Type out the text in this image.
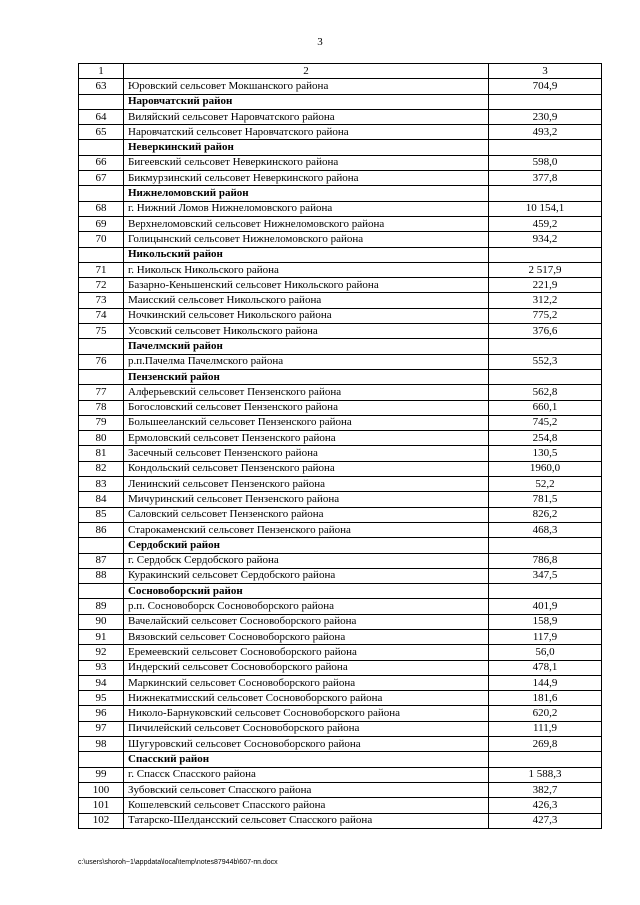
3
1	2	3
63	Юровский сельсовет Мокшанского района	704,9
	Наровчатский район	
64	Виляйский сельсовет Наровчатского района	230,9
65	Наровчатский сельсовет Наровчатского района	493,2
	Неверкинский район	
66	Бигеевский сельсовет Неверкинского района	598,0
67	Бикмурзинский сельсовет Неверкинского района	377,8
	Нижнеломовский район	
68	г. Нижний Ломов Нижнеломовского района	10 154,1
69	Верхнеломовский сельсовет Нижнеломовского района	459,2
70	Голицынский сельсовет Нижнеломовского района	934,2
	Никольский район	
71	г. Никольск Никольского района	2 517,9
72	Базарно-Кеньшенский сельсовет Никольского района	221,9
73	Маисский сельсовет Никольского района	312,2
74	Ночкинский сельсовет Никольского района	775,2
75	Усовский сельсовет Никольского района	376,6
	Пачелмский район	
76	р.п.Пачелма Пачелмского района	552,3
	Пензенский район	
77	Алферьевский сельсовет Пензенского района	562,8
78	Богословский сельсовет Пензенского района	660,1
79	Большееланский сельсовет Пензенского района	745,2
80	Ермоловский сельсовет Пензенского района	254,8
81	Засечный сельсовет Пензенского района	130,5
82	Кондольский сельсовет Пензенского района	1960,0
83	Ленинский сельсовет Пензенского района	52,2
84	Мичуринский сельсовет Пензенского района	781,5
85	Саловский сельсовет Пензенского района	826,2
86	Старокаменский сельсовет Пензенского района	468,3
	Сердобский район	
87	г. Сердобск Сердобского района	786,8
88	Куракинский сельсовет Сердобского района	347,5
	Сосновоборский район	
89	р.п. Сосновоборск Сосновоборского района	401,9
90	Вачелайский сельсовет Сосновоборского района	158,9
91	Вязовский сельсовет Сосновоборского района	117,9
92	Еремеевский сельсовет Сосновоборского района	56,0
93	Индерский сельсовет Сосновоборского района	478,1
94	Маркинский сельсовет Сосновоборского района	144,9
95	Нижнекатмисский сельсовет Сосновоборского района	181,6
96	Николо-Барнуковский сельсовет Сосновоборского района	620,2
97	Пичилейский сельсовет Сосновоборского района	111,9
98	Шугуровский сельсовет Сосновоборского района	269,8
	Спасский район	
99	г. Спасск Спасского района	1 588,3
100	Зубовский сельсовет Спасского района	382,7
101	Кошелевский сельсовет Спасского района	426,3
102	Татарско-Шелдансский сельсовет Спасского района	427,3
c:\users\shoroh~1\appdata\local\temp\notes87944b\607-пп.docx
